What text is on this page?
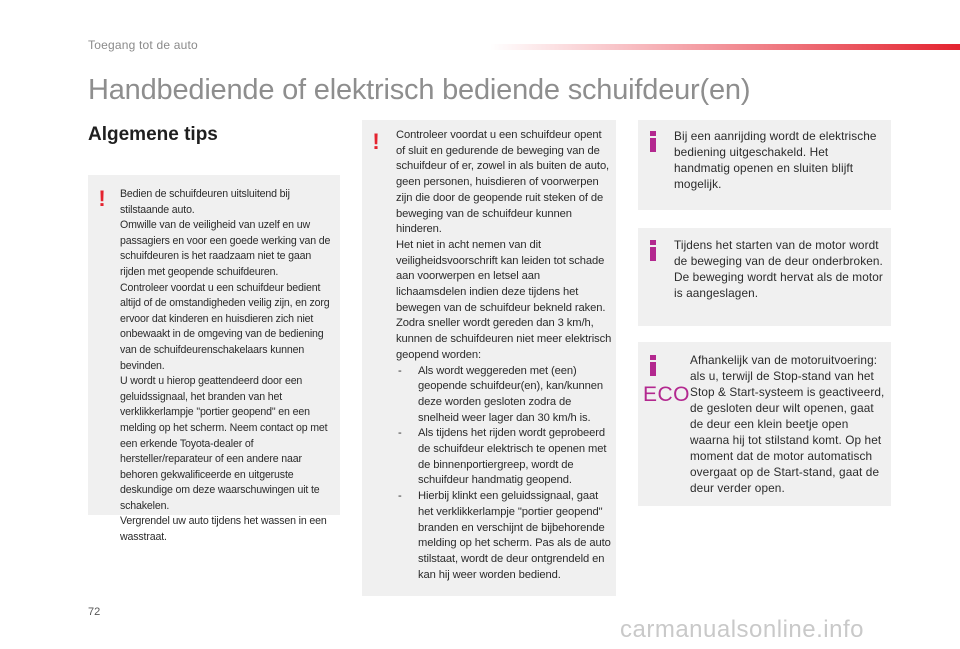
Toegang tot de auto
Handbediende of elektrisch bediende schuifdeur(en)
Algemene tips
! Bedien de schuifdeuren uitsluitend bij stilstaande auto.

Omwille van de veiligheid van uzelf en uw passagiers en voor een goede werking van de schuifdeuren is het raadzaam niet te gaan rijden met geopende schuifdeuren.

Controleer voordat u een schuifdeur bedient altijd of de omstandigheden veilig zijn, en zorg ervoor dat kinderen en huisdieren zich niet onbewaakt in de omgeving van de bediening van de schuifdeurenschakelaars kunnen bevinden.

U wordt u hierop geattendeerd door een geluidssignaal, het branden van het verklikkerlampje "portier geopend" en een melding op het scherm. Neem contact op met een erkende Toyota-dealer of hersteller/reparateur of een andere naar behoren gekwalificeerde en uitgeruste deskundige om deze waarschuwingen uit te schakelen.

Vergrendel uw auto tijdens het wassen in een wasstraat.

! Controleer voordat u een schuifdeur opent of sluit en gedurende de beweging van de schuifdeur of er, zowel in als buiten de auto, geen personen, huisdieren of voorwerpen zijn die door de geopende ruit steken of de beweging van de schuifdeur kunnen hinderen.

Het niet in acht nemen van dit veiligheidsvoorschrift kan leiden tot schade aan voorwerpen en letsel aan lichaamsdelen indien deze tijdens het bewegen van de schuifdeur bekneld raken.

Zodra sneller wordt gereden dan 3 km/h, kunnen de schuifdeuren niet meer elektrisch geopend worden:

- Als wordt weggereden met (een) geopende schuifdeur(en), kan/kunnen deze worden gesloten zodra de snelheid weer lager dan 30 km/h is.
- Als tijdens het rijden wordt geprobeerd de schuifdeur elektrisch te openen met de binnenportiergreep, wordt de schuifdeur handmatig geopend.
- Hierbij klinkt een geluidssignaal, gaat het verklikkerlampje "portier geopend" branden en verschijnt de bijbehorende melding op het scherm. Pas als de auto stilstaat, wordt de deur ontgrendeld en kan hij weer worden bediend.

Bij een aanrijding wordt de elektrische bediening uitgeschakeld. Het handmatig openen en sluiten blijft mogelijk.

Tijdens het starten van de motor wordt de beweging van de deur onderbroken. De beweging wordt hervat als de motor is aangeslagen.

ECO

Afhankelijk van de motoruitvoering: als u, terwijl de Stop-stand van het Stop & Start-systeem is geactiveerd, de gesloten deur wilt openen, gaat de deur een klein beetje open waarna hij tot stilstand komt. Op het moment dat de motor automatisch overgaat op de Start-stand, gaat de deur verder open.

72
carmanualsonline.info
